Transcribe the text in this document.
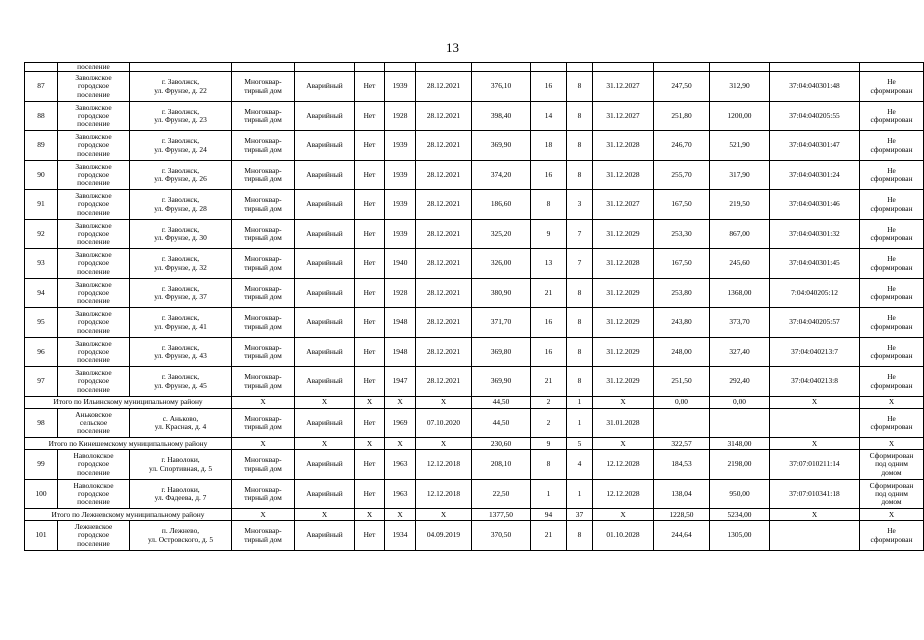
13
	поселение														
87	Заволжское
городское
поселение	г. Заволжск,
ул. Фрунзе, д. 22	Многоквар-
тирный дом	Аварийный	Нет	1939	28.12.2021	376,10	16	8	31.12.2027	247,50	312,90	37:04:040301:48	Не
сформирован
88	Заволжское
городское
поселение	г. Заволжск,
ул. Фрунзе, д. 23	Многоквар-
тирный дом	Аварийный	Нет	1928	28.12.2021	398,40	14	8	31.12.2027	251,80	1200,00	37:04:040205:55	Не
сформирован
89	Заволжское
городское
поселение	г. Заволжск,
ул. Фрунзе, д. 24	Многоквар-
тирный дом	Аварийный	Нет	1939	28.12.2021	369,90	18	8	31.12.2028	246,70	521,90	37:04:040301:47	Не
сформирован
90	Заволжское
городское
поселение	г. Заволжск,
ул. Фрунзе, д. 26	Многоквар-
тирный дом	Аварийный	Нет	1939	28.12.2021	374,20	16	8	31.12.2028	255,70	317,90	37:04:040301:24	Не
сформирован
91	Заволжское
городское
поселение	г. Заволжск,
ул. Фрунзе, д. 28	Многоквар-
тирный дом	Аварийный	Нет	1939	28.12.2021	186,60	8	3	31.12.2027	167,50	219,50	37:04:040301:46	Не
сформирован
92	Заволжское
городское
поселение	г. Заволжск,
ул. Фрунзе, д. 30	Многоквар-
тирный дом	Аварийный	Нет	1939	28.12.2021	325,20	9	7	31.12.2029	253,30	867,00	37:04:040301:32	Не
сформирован
93	Заволжское
городское
поселение	г. Заволжск,
ул. Фрунзе, д. 32	Многоквар-
тирный дом	Аварийный	Нет	1940	28.12.2021	326,00	13	7	31.12.2028	167,50	245,60	37:04:040301:45	Не
сформирован
94	Заволжское
городское
поселение	г. Заволжск,
ул. Фрунзе, д. 37	Многоквар-
тирный дом	Аварийный	Нет	1928	28.12.2021	380,90	21	8	31.12.2029	253,80	1368,00	7:04:040205:12	Не
сформирован
95	Заволжское
городское
поселение	г. Заволжск,
ул. Фрунзе, д. 41	Многоквар-
тирный дом	Аварийный	Нет	1948	28.12.2021	371,70	16	8	31.12.2029	243,80	373,70	37:04:040205:57	Не
сформирован
96	Заволжское
городское
поселение	г. Заволжск,
ул. Фрунзе, д. 43	Многоквар-
тирный дом	Аварийный	Нет	1948	28.12.2021	369,80	16	8	31.12.2029	248,00	327,40	37:04:040213:7	Не
сформирован
97	Заволжское
городское
поселение	г. Заволжск,
ул. Фрунзе, д. 45	Многоквар-
тирный дом	Аварийный	Нет	1947	28.12.2021	369,90	21	8	31.12.2029	251,50	292,40	37:04:040213:8	Не
сформирован
Итого по Ильинскому муниципальному району			X	X	X	X	X	44,50	2	1	X	0,00	0,00	X	X
98	Аньковское
сельское
поселение	с. Аньково,
ул. Красная, д. 4	Многоквар-
тирный дом	Аварийный	Нет	1969	07.10.2020	44,50	2	1	31.01.2028				Не
сформирован
Итого по Кинешемскому муниципальному району			X	X	X	X	X	230,60	9	5	X	322,57	3148,00	X	X
99	Наволокское
городское
поселение	г. Наволоки,
ул. Спортивная, д. 5	Многоквар-
тирный дом	Аварийный	Нет	1963	12.12.2018	208,10	8	4	12.12.2028	184,53	2198,00	37:07:010211:14	Сформирован
под одним
домом
100	Наволокское
городское
поселение	г. Наволоки,
ул. Фадеева, д. 7	Многоквар-
тирный дом	Аварийный	Нет	1963	12.12.2018	22,50	1	1	12.12.2028	138,04	950,00	37:07:010341:18	Сформирован
под одним
домом
Итого по Лежневскому муниципальному району			X	X	X	X	X	1377,50	94	37	X	1228,50	5234,00	X	X
101	Лежневское
городское
поселение	п. Лежнево,
ул. Островского, д. 5	Многоквар-
тирный дом	Аварийный	Нет	1934	04.09.2019	370,50	21	8	01.10.2028	244,64	1305,00		Не
сформирован
